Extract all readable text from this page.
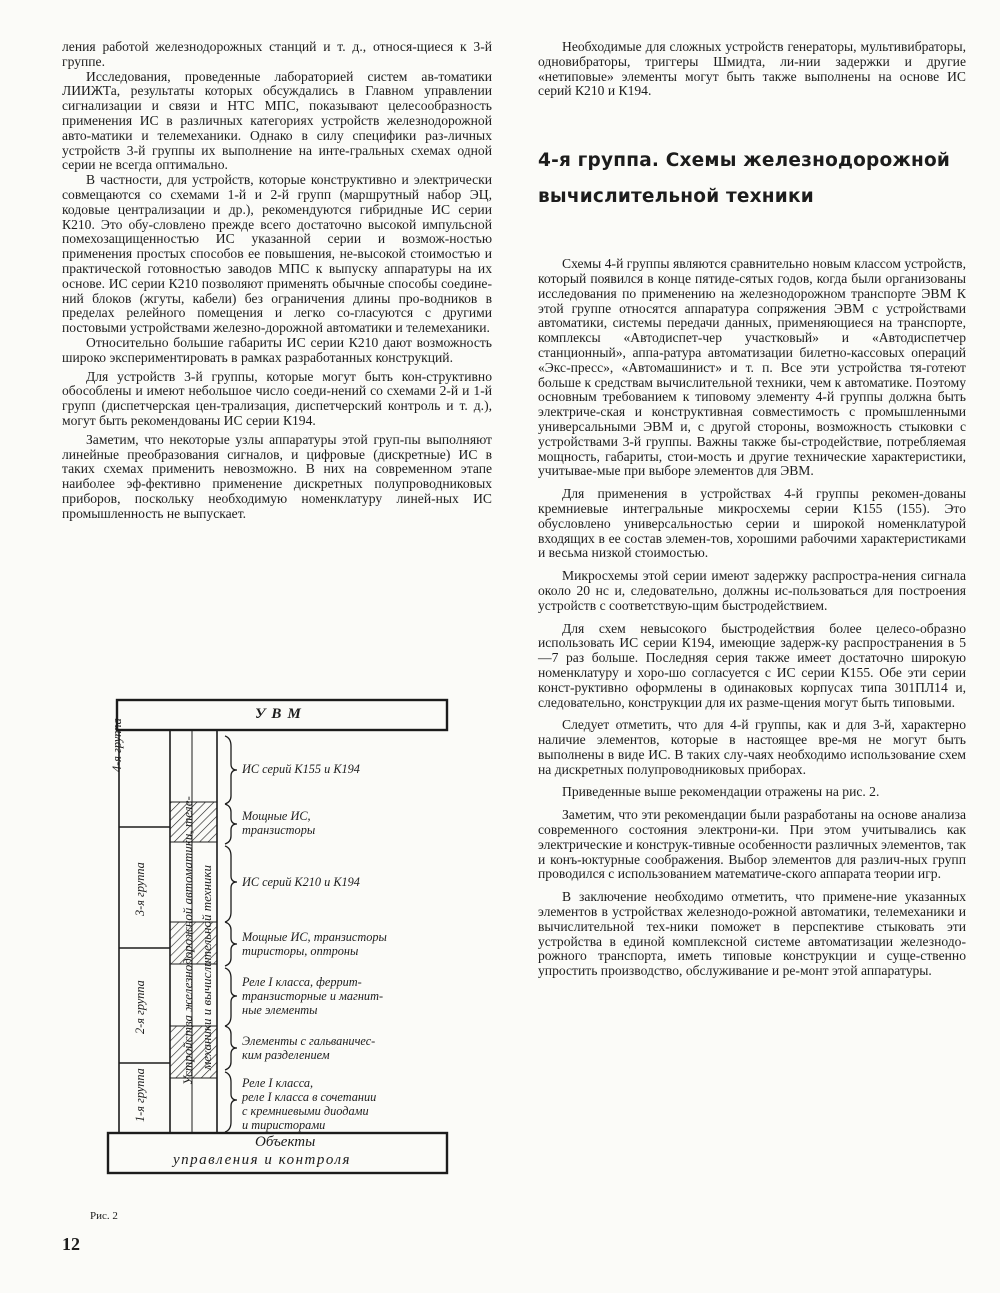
ления работой железнодорожных станций и т. д., относя-щиеся к 3-й группе.

Исследования, проведенные лабораторией систем ав-томатики ЛИИЖТа, результаты которых обсуждались в Главном управлении сигнализации и связи и НТС МПС, показывают целесообразность применения ИС в различных категориях устройств железнодорожной авто-матики и телемеханики. Однако в силу специфики раз-личных устройств 3-й группы их выполнение на инте-гральных схемах одной серии не всегда оптимально.

В частности, для устройств, которые конструктивно и электрически совмещаются со схемами 1-й и 2-й групп (маршрутный набор ЭЦ, кодовые централизации и др.), рекомендуются гибридные ИС серии К210. Это обу-словлено прежде всего достаточно высокой импульсной помехозащищенностью ИС указанной серии и возмож-ностью применения простых способов ее повышения, не-высокой стоимостью и практической готовностью заводов МПС к выпуску аппаратуры на их основе. ИС серии К210 позволяют применять обычные способы соедине-ний блоков (жгуты, кабели) без ограничения длины про-водников в пределах релейного помещения и легко со-гласуются с другими постовыми устройствами железно-дорожной автоматики и телемеханики.

Относительно большие габариты ИС серии К210 дают возможность широко экспериментировать в рамках разработанных конструкций.

Для устройств 3-й группы, которые могут быть кон-структивно обособлены и имеют небольшое число соеди-нений со схемами 2-й и 1-й групп (диспетчерская цен-трализация, диспетчерский контроль и т. д.), могут быть рекомендованы ИС серии К194.

Заметим, что некоторые узлы аппаратуры этой груп-пы выполняют линейные преобразования сигналов, и цифровые (дискретные) ИС в таких схемах применить невозможно. В них на современном этапе наиболее эф-фективно применение дискретных полупроводниковых приборов, поскольку необходимую номенклатуру линей-ных ИС промышленность не выпускает.

Необходимые для сложных устройств генераторы, мультивибраторы, одновибраторы, триггеры Шмидта, ли-нии задержки и другие «нетиповые» элементы могут быть также выполнены на основе ИС серий К210 и К194.

4-я группа. Схемы железнодорожной
вычислительной техники

Схемы 4-й группы являются сравнительно новым классом устройств, который появился в конце пятиде-сятых годов, когда были организованы исследования по применению на железнодорожном транспорте ЭВМ К этой группе относятся аппаратура сопряжения ЭВМ с устройствами автоматики, системы передачи данных, применяющиеся на транспорте, комплексы «Автодиспет-чер участковый» и «Автодиспетчер станционный», аппа-ратура автоматизации билетно-кассовых операций «Экс-пресс», «Автомашинист» и т. п. Все эти устройства тя-готеют больше к средствам вычислительной техники, чем к автоматике. Поэтому основным требованием к типовому элементу 4-й группы должна быть электриче-ская и конструктивная совместимость с промышленными универсальными ЭВМ и, с другой стороны, возможность стыковки с устройствами 3-й группы. Важны также бы-стродействие, потребляемая мощность, габариты, стои-мость и другие технические характеристики, учитывае-мые при выборе элементов для ЭВМ.

Для применения в устройствах 4-й группы рекомен-дованы кремниевые интегральные микросхемы серии К155 (155). Это обусловлено универсальностью серии и широкой номенклатурой входящих в ее состав элемен-тов, хорошими рабочими характеристиками и весьма низкой стоимостью.

Микросхемы этой серии имеют задержку распростра-нения сигнала около 20 нс и, следовательно, должны ис-пользоваться для построения устройств с соответствую-щим быстродействием.

Для схем невысокого быстродействия более целесо-образно использовать ИС серии К194, имеющие задерж-ку распространения в 5—7 раз больше. Последняя серия также имеет достаточно широкую номенклатуру и хоро-шо согласуется с ИС серии К155. Обе эти серии конст-руктивно оформлены в одинаковых корпусах типа 301ПЛ14 и, следовательно, конструкции для их разме-щения могут быть типовыми.

Следует отметить, что для 4-й группы, как и для 3-й, характерно наличие элементов, которые в настоящее вре-мя не могут быть выполнены в виде ИС. В таких слу-чаях необходимо использование схем на дискретных полупроводниковых приборах.

Приведенные выше рекомендации отражены на рис. 2.

Заметим, что эти рекомендации были разработаны на основе анализа современного состояния электрони-ки. При этом учитывались как электрические и конструк-тивные особенности различных элементов, так и конъ-юктурные соображения. Выбор элементов для различ-ных групп проводился с использованием математиче-ского аппарата теории игр.

В заключение необходимо отметить, что примене-ние указанных элементов в устройствах железнодо-рожной автоматики, телемеханики и вычислительной тех-ники поможет в перспективе стыковать эти устройства в единой комплексной системе автоматизации железнодо-рожного транспорта, иметь типовые конструкции и суще-ственно упростить производство, обслуживание и ре-монт этой аппаратуры.

УВМ
Объекты
управления и контроля
4-я группа
3-я группа
2-я группа
1-я группа
Устройства железнодорожной автоматики, теле- механики и вычислительной техники
ИС серий К155 и К194
Мощные ИС,
транзисторы
ИС серий К210 и К194
Мощные ИС, транзисторы
тиристоры, оптроны
Реле I класса, феррит-
транзисторные и магнит-
ные элементы
Элементы с гальваничес-
ким разделением
Реле I класса,
реле I класса в сочетании
с кремниевыми диодами
и тиристорами
Рис. 2
12
